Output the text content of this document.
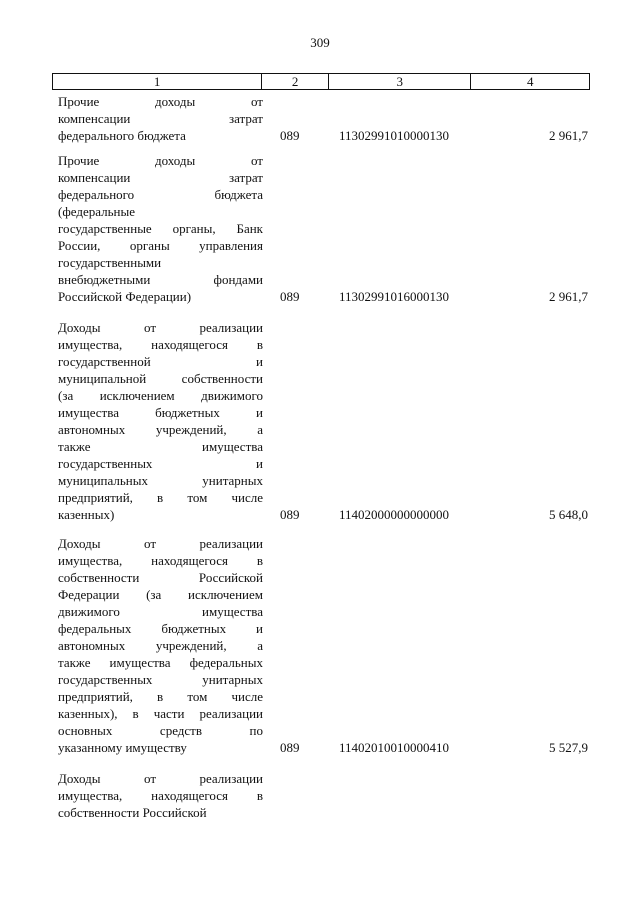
309
1	2	3	4
Прочие доходы от
компенсации затрат
федерального бюджета	089	11302991010000130	2 961,7
Прочие доходы от
компенсации затрат
федерального бюджета
(федеральные
государственные органы, Банк
России, органы управления
государственными
внебюджетными фондами
Российской Федерации)	089	11302991016000130	2 961,7
Доходы от реализации
имущества, находящегося в
государственной и
муниципальной собственности
(за исключением движимого
имущества бюджетных и
автономных учреждений, а
также имущества
государственных и
муниципальных унитарных
предприятий, в том числе
казенных)	089	11402000000000000	5 648,0
Доходы от реализации
имущества, находящегося в
собственности Российской
Федерации (за исключением
движимого имущества
федеральных бюджетных и
автономных учреждений, а
также имущества федеральных
государственных унитарных
предприятий, в том числе
казенных), в части реализации
основных средств по
указанному имуществу	089	11402010010000410	5 527,9
Доходы от реализации
имущества, находящегося в
собственности Российской
